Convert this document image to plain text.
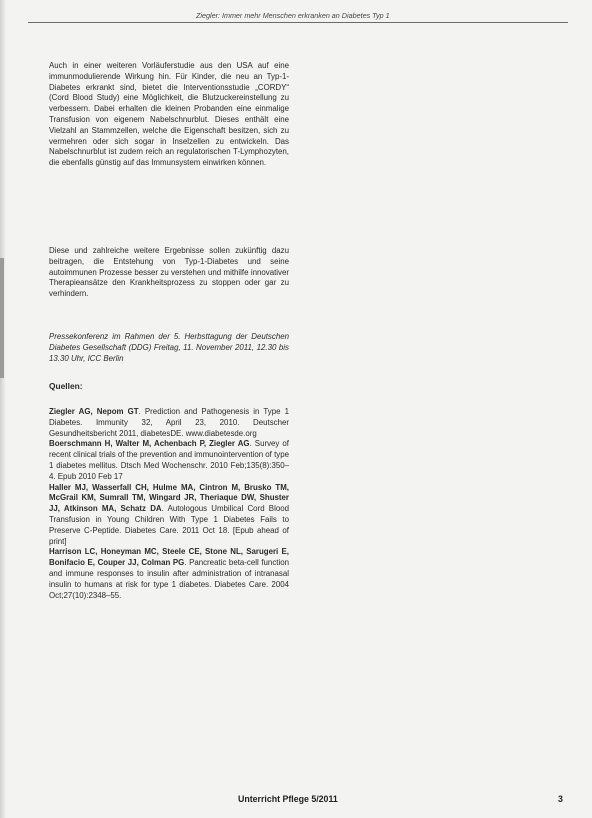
Ziegler: Immer mehr Menschen erkranken an Diabetes Typ 1

Auch in einer weiteren Vorläuferstudie aus den USA auf eine immunmodulierende Wirkung hin. Für Kinder, die neu an Typ-1-Diabetes erkrankt sind, bietet die Interventionsstudie „CORDY“ (Cord Blood Study) eine Möglichkeit, die Blutzuckereinstellung zu verbessern. Dabei erhalten die kleinen Probanden eine einmalige Transfusion von eigenem Nabelschnurblut. Dieses enthält eine Vielzahl an Stammzellen, welche die Eigenschaft besitzen, sich zu vermehren oder sich sogar in Inselzellen zu entwickeln. Das Nabelschnurblut ist zudem reich an regulatorischen T-Lymphozyten, die ebenfalls günstig auf das Immunsystem einwirken können.

Diese und zahlreiche weitere Ergebnisse sollen zukünftig dazu beitragen, die Entstehung von Typ-1-Diabetes und seine autoimmunen Prozesse besser zu verstehen und mithilfe innovativer Therapieansätze den Krankheitsprozess zu stoppen oder gar zu verhindern.

Pressekonferenz im Rahmen der 5. Herbsttagung der Deutschen Diabetes Gesellschaft (DDG) Freitag, 11. November 2011, 12.30 bis 13.30 Uhr, ICC Berlin

Quellen:

Ziegler AG, Nepom GT. Prediction and Pathogenesis in Type 1 Diabetes. Immunity 32, April 23, 2010. Deutscher Gesundheitsbericht 2011, diabetesDE. www.diabetesde.org

Boerschmann H, Walter M, Achenbach P, Ziegler AG. Survey of recent clinical trials of the prevention and immunointervention of type 1 diabetes mellitus. Dtsch Med Wochenschr. 2010 Feb;135(8):350–4. Epub 2010 Feb 17

Haller MJ, Wasserfall CH, Hulme MA, Cintron M, Brusko TM, McGrail KM, Sumrall TM, Wingard JR, Theriaque DW, Shuster JJ, Atkinson MA, Schatz DA. Autologous Umbilical Cord Blood Transfusion in Young Children With Type 1 Diabetes Fails to Preserve C-Peptide. Diabetes Care. 2011 Oct 18. [Epub ahead of print]

Harrison LC, Honeyman MC, Steele CE, Stone NL, Sarugeri E, Bonifacio E, Couper JJ, Colman PG. Pancreatic beta-cell function and immune responses to insulin after administration of intranasal insulin to humans at risk for type 1 diabetes. Diabetes Care. 2004 Oct;27(10):2348–55.

Unterricht Pflege 5/2011	3
